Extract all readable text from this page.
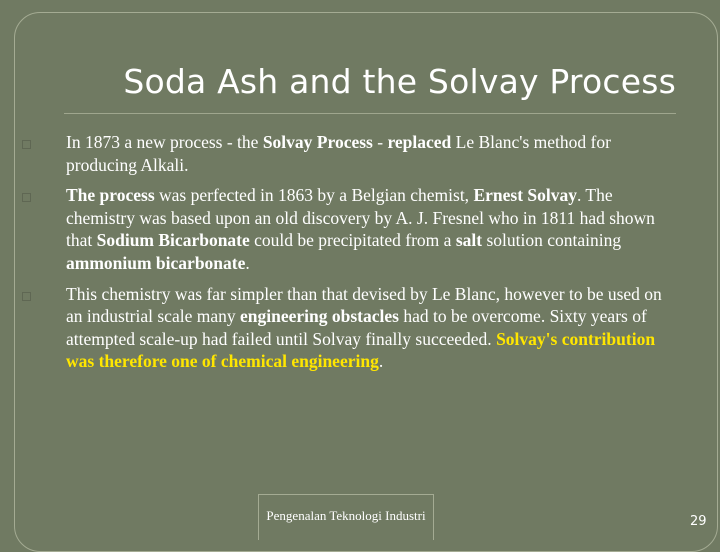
Soda Ash and the Solvay Process
In 1873 a new process - the Solvay Process - replaced Le Blanc's method for producing Alkali.
The process was perfected in 1863 by a Belgian chemist, Ernest Solvay. The chemistry was based upon an old discovery by A. J. Fresnel who in 1811 had shown that Sodium Bicarbonate could be precipitated from a salt solution containing ammonium bicarbonate.
This chemistry was far simpler than that devised by Le Blanc, however to be used on an industrial scale many engineering obstacles had to be overcome. Sixty years of attempted scale-up had failed until Solvay finally succeeded. Solvay's contribution was therefore one of chemical engineering.
Pengenalan Teknologi Industri	29
